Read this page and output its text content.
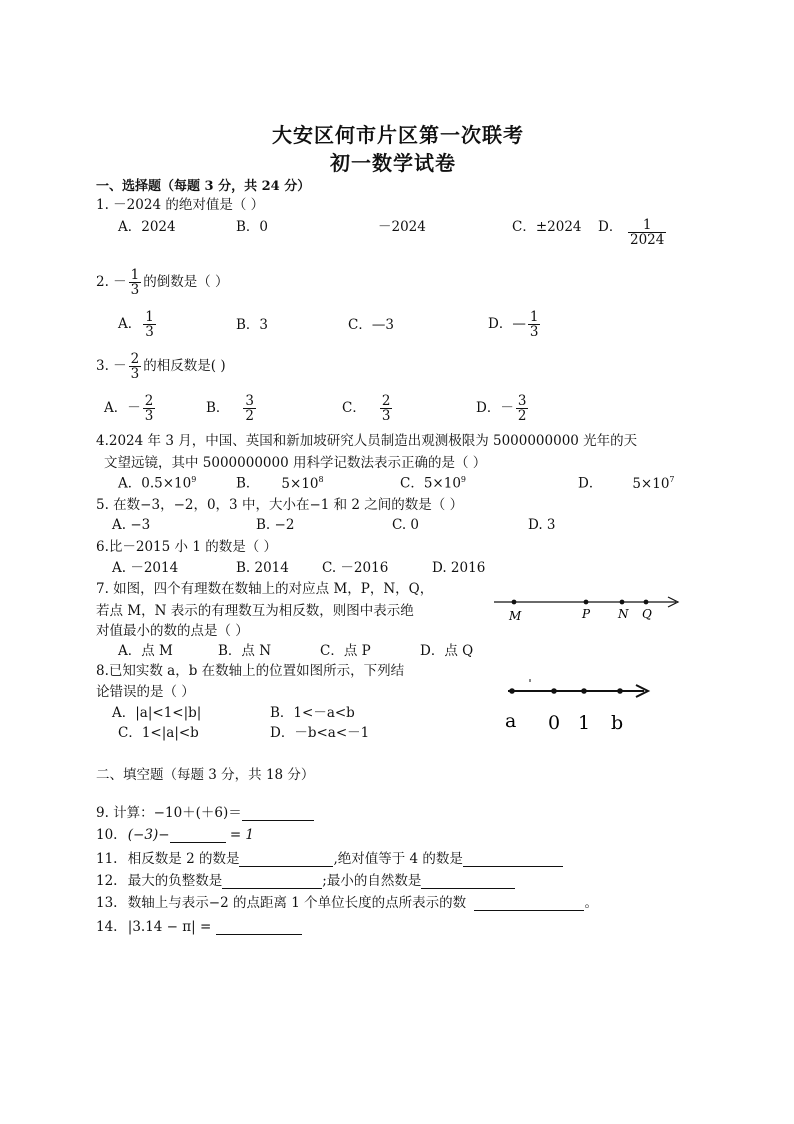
大安区何市片区第一次联考
初一数学试卷
一、选择题（每题 3 分，共 24 分）
1. －2024 的绝对值是（ ）
A．2024	B．0	－2024	C．±2024 D． $\frac{1}{2024}$
2. － $\frac{1}{3}$ 的倒数是（ ）
A． $\frac{1}{3}$	B．3	C．—3	D．— $\frac{1}{3}$
3. － $\frac{2}{3}$ 的相反数是( )
A．－ $\frac{2}{3}$	B． $\frac{3}{2}$	C． $\frac{2}{3}$	D．－ $\frac{3}{2}$
4.2024 年 3 月，中国、英国和新加坡研究人员制造出观测极限为 5000000000 光年的天
文望远镜，其中 5000000000 用科学记数法表示正确的是（ ）
A．$0.5\times 10^9$	B． $5\times 10^8$	C．$5\times 10^9$	D． $5\times 10^7$
5. 在数−3，−2，0，3 中，大小在−1 和 2 之间的数是（ ）
A. −3	B. −2	C. 0	D. 3
6.比－2015 小 1 的数是（ ）
A. －2014	B. 2014 C. －2016	D. 2016
7. 如图，四个有理数在数轴上的对应点 M，P，N，Q，
若点 M，N 表示的有理数互为相反数，则图中表示绝
对值最小的数的点是（ ）
A．点 M	B．点 N	C．点 P	D．点 Q
M	P N Q
8.已知实数 a，b 在数轴上的位置如图所示，下列结
论错误的是（ ）
A．|a|<1<|b|	B．1<－a<b
C．1<|a|<b	D．－b<a<－1
a 0 1 b
二、填空题（每题 3 分，共 18 分）
9. 计算：−10＋(＋6)＝
10. (−3)−	= 1
11. 相反数是 2 的数是	,绝对值等于 4 的数是
12. 最大的负整数是	;最小的自然数是
13. 数轴上与表示−2 的点距离 1 个单位长度的点所表示的数	。
14. |3.14 − π| =
